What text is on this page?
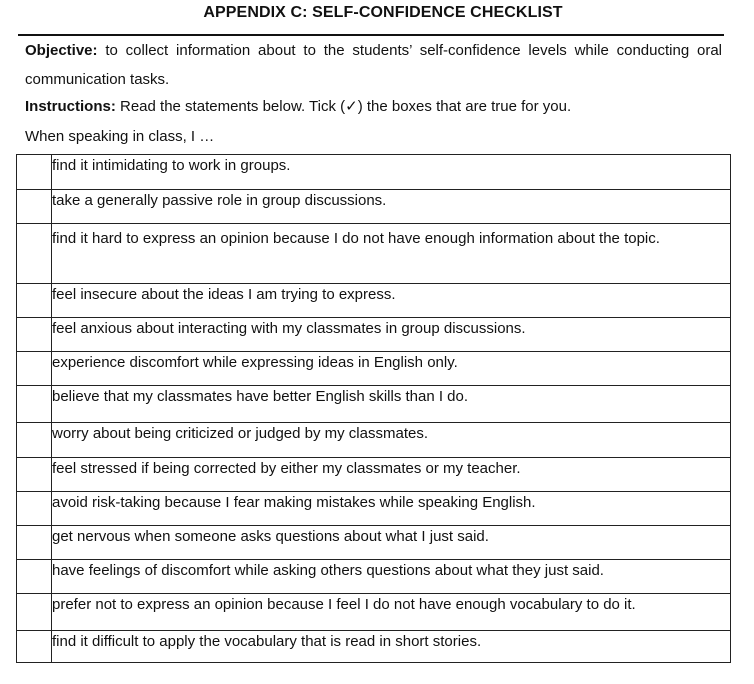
APPENDIX C: SELF-CONFIDENCE CHECKLIST
Objective: to collect information about to the students’ self-confidence levels while conducting oral communication tasks.
Instructions: Read the statements below. Tick (✓) the boxes that are true for you.
When speaking in class, I …
	find it intimidating to work in groups.
	take a generally passive role in group discussions.
	find it hard to express an opinion because I do not have enough information about the topic.
	feel insecure about the ideas I am trying to express.
	feel anxious about interacting with my classmates in group discussions.
	experience discomfort while expressing ideas in English only.
	believe that my classmates have better English skills than I do.
	worry about being criticized or judged by my classmates.
	feel stressed if being corrected by either my classmates or my teacher.
	avoid risk-taking because I fear making mistakes while speaking English.
	get nervous when someone asks questions about what I just said.
	have feelings of discomfort while asking others questions about what they just said.
	prefer not to express an opinion because I feel I do not have enough vocabulary to do it.
	find it difficult to apply the vocabulary that is read in short stories.
